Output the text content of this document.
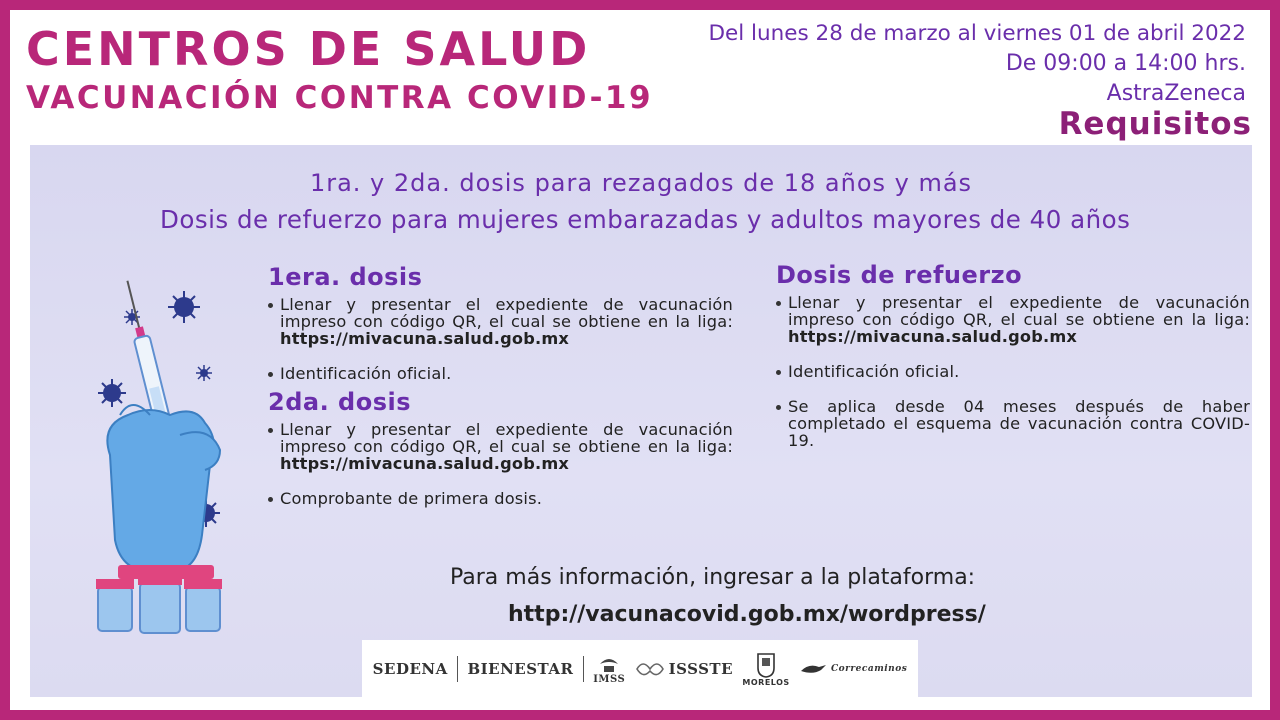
CENTROS DE SALUD
VACUNACIÓN CONTRA COVID-19
Del lunes 28 de marzo al viernes 01 de abril 2022
De 09:00 a 14:00 hrs.
AstraZeneca
Requisitos
1ra. y 2da. dosis para rezagados de 18 años y más
Dosis de refuerzo para mujeres embarazadas y adultos mayores de 40 años
1era. dosis
Llenar y presentar el expediente de vacunación impreso con código QR, el cual se obtiene en la liga: https://mivacuna.salud.gob.mx
Identificación oficial.
2da. dosis
Llenar y presentar el expediente de vacunación impreso con código QR, el cual se obtiene en la liga: https://mivacuna.salud.gob.mx
Comprobante de primera dosis.
Dosis de refuerzo
Llenar y presentar el expediente de vacunación impreso con código QR, el cual se obtiene en la liga: https://mivacuna.salud.gob.mx
Identificación oficial.
Se aplica desde 04 meses después de haber completado el esquema de vacunación contra COVID-19.
Para más información, ingresar a la plataforma:
http://vacunacovid.gob.mx/wordpress/
SEDENA BIENESTAR
IMSS
ISSSTE
MORELOS
Correcaminos
